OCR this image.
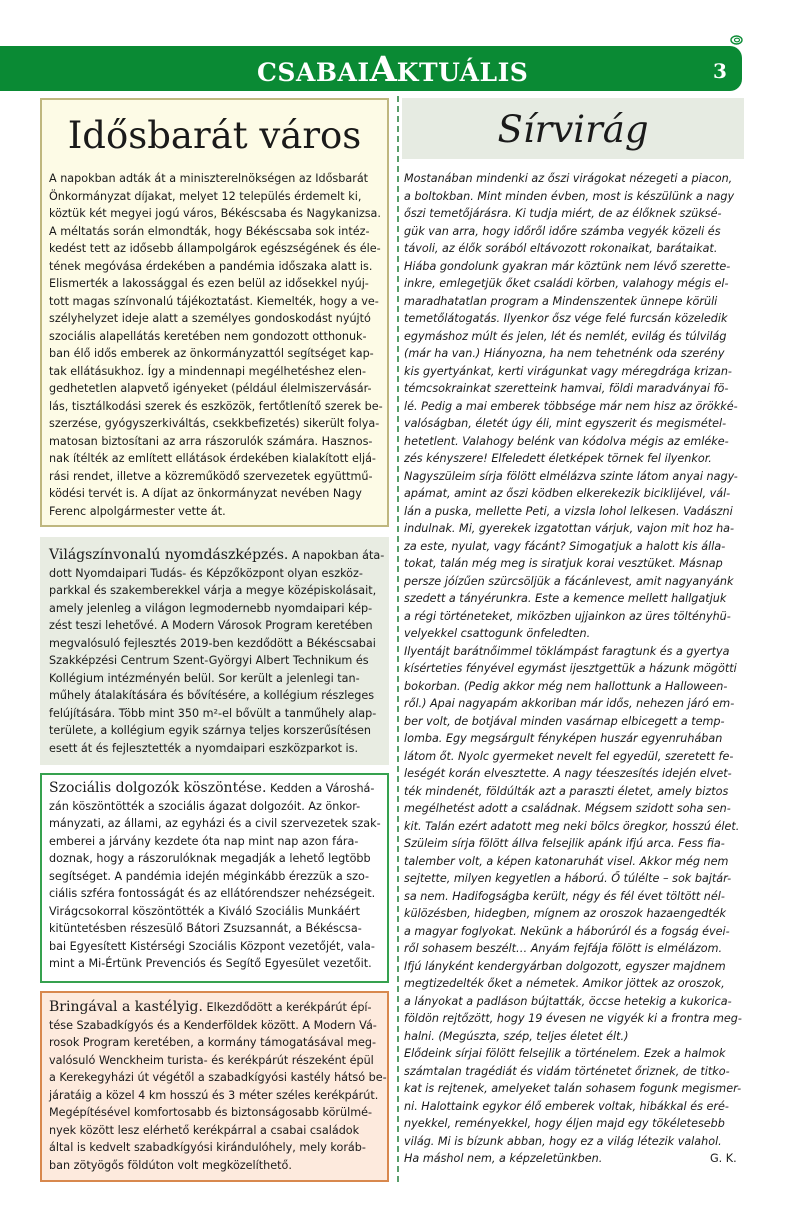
CSABAIAKTUÁLIS	3
Idősbarát város
A napokban adták át a miniszterelnökségen az Idősbarát
Önkormányzat díjakat, melyet 12 település érdemelt ki,
köztük két megyei jogú város, Békéscsaba és Nagykanizsa.
A méltatás során elmondták, hogy Békéscsaba sok intéz-
kedést tett az idősebb állampolgárok egészségének és éle-
tének megóvása érdekében a pandémia időszaka alatt is.
Elismerték a lakossággal és ezen belül az idősekkel nyúj-
tott magas színvonalú tájékoztatást. Kiemelték, hogy a ve-
szélyhelyzet ideje alatt a személyes gondoskodást nyújtó
szociális alapellátás keretében nem gondozott otthonuk-
ban élő idős emberek az önkormányzattól segítséget kap-
tak ellátásukhoz. Így a mindennapi megélhetéshez elen-
gedhetetlen alapvető igényeket (például élelmiszervásár-
lás, tisztálkodási szerek és eszközök, fertőtlenítő szerek be-
szerzése, gyógyszerkiváltás, csekkbefizetés) sikerült folya-
matosan biztosítani az arra rászorulók számára. Hasznos-
nak ítélték az említett ellátások érdekében kialakított eljá-
rási rendet, illetve a közreműködő szervezetek együttmű-
ködési tervét is. A díjat az önkormányzat nevében Nagy
Ferenc alpolgármester vette át.
Világszínvonalú nyomdászképzés. A napokban áta-
dott Nyomdaipari Tudás- és Képzőközpont olyan eszköz-
parkkal és szakemberekkel várja a megye középiskolásait,
amely jelenleg a világon legmodernebb nyomdaipari kép-
zést teszi lehetővé. A Modern Városok Program keretében
megvalósuló fejlesztés 2019-ben kezdődött a Békéscsabai
Szakképzési Centrum Szent-Györgyi Albert Technikum és
Kollégium intézményén belül. Sor került a jelenlegi tan-
műhely átalakítására és bővítésére, a kollégium részleges
felújítására. Több mint 350 m²-el bővült a tanműhely alap-
területe, a kollégium egyik szárnya teljes korszerűsítésen
esett át és fejlesztették a nyomdaipari eszközparkot is.
Szociális dolgozók köszöntése. Kedden a Városhá-
zán köszöntötték a szociális ágazat dolgozóit. Az önkor-
mányzati, az állami, az egyházi és a civil szervezetek szak-
emberei a járvány kezdete óta nap mint nap azon fára-
doznak, hogy a rászorulóknak megadják a lehető legtöbb
segítséget. A pandémia idején méginkább érezzük a szo-
ciális szféra fontosságát és az ellátórendszer nehézségeit.
Virágcsokorral köszöntötték a Kiváló Szociális Munkáért
kitüntetésben részesülő Bátori Zsuzsannát, a Békéscsa-
bai Egyesített Kistérségi Szociális Központ vezetőjét, vala-
mint a Mi-Értünk Prevenciós és Segítő Egyesület vezetőit.
Bringával a kastélyig. Elkezdődött a kerékpárút épí-
tése Szabadkígyós és a Kenderföldek között. A Modern Vá-
rosok Program keretében, a kormány támogatásával meg-
valósuló Wenckheim turista- és kerékpárút részeként épül
a Kerekegyházi út végétől a szabadkígyósi kastély hátsó be-
járatáig a közel 4 km hosszú és 3 méter széles kerékpárút.
Megépítésével komfortosabb és biztonságosabb körülmé-
nyek között lesz elérhető kerékpárral a csabai családok
által is kedvelt szabadkígyósi kirándulóhely, mely koráb-
ban zötyögős földúton volt megközelíthető.
Sírvirág
Mostanában mindenki az őszi virágokat nézegeti a piacon,
a boltokban. Mint minden évben, most is készülünk a nagy
őszi temetőjárásra. Ki tudja miért, de az élőknek szüksé-
gük van arra, hogy időről időre számba vegyék közeli és
távoli, az élők sorából eltávozott rokonaikat, barátaikat.
Hiába gondolunk gyakran már köztünk nem lévő szerette-
inkre, emlegetjük őket családi körben, valahogy mégis el-
maradhatatlan program a Mindenszentek ünnepe körüli
temetőlátogatás. Ilyenkor ősz vége felé furcsán közeledik
egymáshoz múlt és jelen, lét és nemlét, evilág és túlvilág
(már ha van.) Hiányozna, ha nem tehetnénk oda szerény
kis gyertyánkat, kerti virágunkat vagy méregdrága krizan-
témcsokrainkat szeretteink hamvai, földi maradványai fö-
lé. Pedig a mai emberek többsége már nem hisz az örökké-
valóságban, életét úgy éli, mint egyszerit és megismétel-
hetetlent. Valahogy belénk van kódolva mégis az emléke-
zés kényszere! Elfeledett életképek törnek fel ilyenkor.
Nagyszüleim sírja fölött elmélázva szinte látom anyai nagy-
apámat, amint az őszi ködben elkerekezik biciklijével, vál-
lán a puska, mellette Peti, a vizsla lohol lelkesen. Vadászni
indulnak. Mi, gyerekek izgatottan várjuk, vajon mit hoz ha-
za este, nyulat, vagy fácánt? Simogatjuk a halott kis álla-
tokat, talán még meg is siratjuk korai vesztüket. Másnap
persze jóízűen szürcsöljük a fácánlevest, amit nagyanyánk
szedett a tányérunkra. Este a kemence mellett hallgatjuk
a régi történeteket, miközben ujjainkon az üres töltényhü-
velyekkel csattogunk önfeledten.
Ilyentájt barátnőimmel töklámpást faragtunk és a gyertya
kísérteties fényével egymást ijesztgettük a házunk mögötti
bokorban. (Pedig akkor még nem hallottunk a Halloween-
ről.) Apai nagyapám akkoriban már idős, nehezen járó em-
ber volt, de botjával minden vasárnap elbicegett a temp-
lomba. Egy megsárgult fényképen huszár egyenruhában
látom őt. Nyolc gyermeket nevelt fel egyedül, szeretett fe-
leségét korán elvesztette. A nagy téeszesítés idején elvet-
ték mindenét, földúlták azt a paraszti életet, amely biztos
megélhetést adott a családnak. Mégsem szidott soha sen-
kit. Talán ezért adatott meg neki bölcs öregkor, hosszú élet.
Szüleim sírja fölött állva felsejlik apánk ifjú arca. Fess fia-
talember volt, a képen katonaruhát visel. Akkor még nem
sejtette, milyen kegyetlen a háború. Ő túlélte – sok bajtár-
sa nem. Hadifogságba került, négy és fél évet töltött nél-
külözésben, hidegben, mígnem az oroszok hazaengedték
a magyar foglyokat. Nekünk a háborúról és a fogság évei-
ről sohasem beszélt… Anyám fejfája fölött is elmélázom.
Ifjú lányként kendergyárban dolgozott, egyszer majdnem
megtizedelték őket a németek. Amikor jöttek az oroszok,
a lányokat a padláson bújtatták, öccse hetekig a kukorica-
földön rejtőzött, hogy 19 évesen ne vigyék ki a frontra meg-
halni. (Megúszta, szép, teljes életet élt.)
Elődeink sírjai fölött felsejlik a történelem. Ezek a halmok
számtalan tragédiát és vidám történetet őriznek, de titko-
kat is rejtenek, amelyeket talán sohasem fogunk megismer-
ni. Halottaink egykor élő emberek voltak, hibákkal és eré-
nyekkel, reményekkel, hogy éljen majd egy tökéletesebb
világ. Mi is bízunk abban, hogy ez a világ létezik valahol.
Ha máshol nem, a képzeletünkben.	G. K.
